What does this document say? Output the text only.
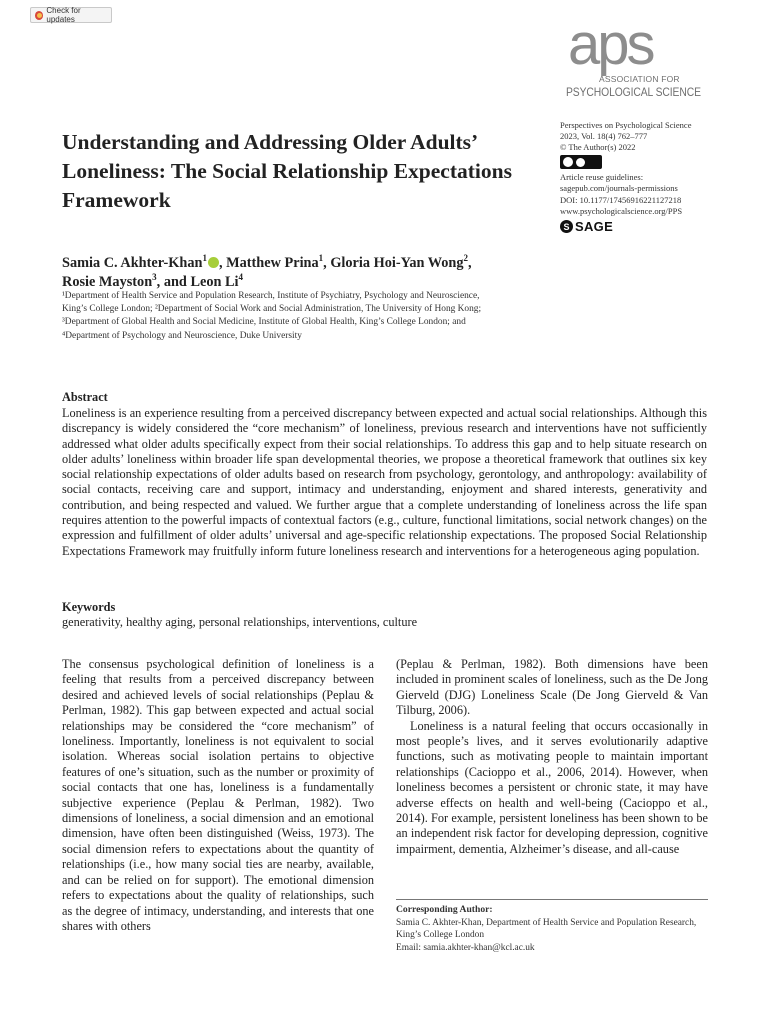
Check for updates	aps

ASSOCIATION FOR

PSYCHOLOGICAL SCIENCE

Understanding and Addressing Older Adults’ Loneliness: The Social Relationship Expectations Framework

Perspectives on Psychological Science

2023, Vol. 18(4) 762–777

© The Author(s) 2022

Article reuse guidelines:

sagepub.com/journals-permissions

DOI: 10.1177/17456916221127218

www.psychologicalscience.org/PPS

S SAGE

Samia C. Akhter-Khan$^1$ , Matthew Prina$^1$, Gloria Hoi-Yan Wong$^2$,
Rosie Mayston$^3$, and Leon Li$^4$

¹Department of Health Service and Population Research, Institute of Psychiatry, Psychology and Neuroscience,

King’s College London; ²Department of Social Work and Social Administration, The University of Hong Kong;

³Department of Global Health and Social Medicine, Institute of Global Health, King’s College London; and

⁴Department of Psychology and Neuroscience, Duke University

Abstract

Loneliness is an experience resulting from a perceived discrepancy between expected and actual social relationships. Although this discrepancy is widely considered the “core mechanism” of loneliness, previous research and interventions have not sufficiently addressed what older adults specifically expect from their social relationships. To address this gap and to help situate research on older adults’ loneliness within broader life span developmental theories, we propose a theoretical framework that outlines six key social relationship expectations of older adults based on research from psychology, gerontology, and anthropology: availability of social contacts, receiving care and support, intimacy and understanding, enjoyment and shared interests, generativity and contribution, and being respected and valued. We further argue that a complete understanding of loneliness across the life span requires attention to the powerful impacts of contextual factors (e.g., culture, functional limitations, social network changes) on the expression and fulfillment of older adults’ universal and age-specific relationship expectations. The proposed Social Relationship Expectations Framework may fruitfully inform future loneliness research and interventions for a heterogeneous aging population.

Keywords

generativity, healthy aging, personal relationships, interventions, culture

The consensus psychological definition of loneliness is a feeling that results from a perceived discrepancy between desired and achieved levels of social relationships (Peplau & Perlman, 1982). This gap between expected and actual social relationships may be considered the “core mechanism” of loneliness. Importantly, loneliness is not equivalent to social isolation. Whereas social isolation pertains to objective features of one’s situation, such as the number or proximity of social contacts that one has, loneliness is a fundamentally subjective experience (Peplau & Perlman, 1982). Two dimensions of loneliness, a social dimension and an emotional dimension, have often been distinguished (Weiss, 1973). The social dimension refers to expectations about the quantity of relationships (i.e., how many social ties are nearby, available, and can be relied on for support). The emotional dimension refers to expectations about the quality of relationships, such as the degree of intimacy, understanding, and interests that one shares with others

(Peplau & Perlman, 1982). Both dimensions have been included in prominent scales of loneliness, such as the De Jong Gierveld (DJG) Loneliness Scale (De Jong Gierveld & Van Tilburg, 2006).

Loneliness is a natural feeling that occurs occasionally in most people’s lives, and it serves evolutionarily adaptive functions, such as motivating people to maintain important relationships (Cacioppo et al., 2006, 2014). However, when loneliness becomes a persistent or chronic state, it may have adverse effects on health and well-being (Cacioppo et al., 2014). For example, persistent loneliness has been shown to be an independent risk factor for developing depression, cognitive impairment, dementia, Alzheimer’s disease, and all-cause

Corresponding Author:

Samia C. Akhter-Khan, Department of Health Service and Population Research, King’s College London

Email: samia.akhter-khan@kcl.ac.uk
